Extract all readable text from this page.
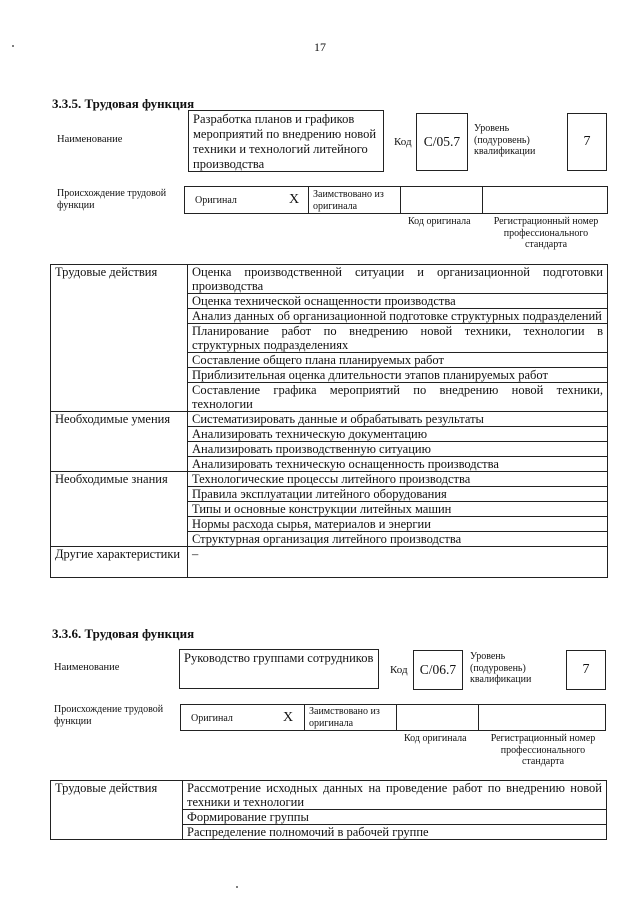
17
3.3.5. Трудовая функция
Наименование
Разработка планов и графиков мероприятий по внедрению новой техники и технологий литейного производства
Код C/05.7
Уровень (подуровень) квалификации
7
Происхождение трудовой функции	Оригинал	X Заимствовано из оригинала
Код оригинала	Регистрационный номер профессионального стандарта
Трудовые действия	Оценка производственной ситуации и организационной подготовки производства
	Оценка технической оснащенности производства
	Анализ данных об организационной подготовке структурных подразделений
	Планирование работ по внедрению новой техники, технологии в структурных подразделениях
	Составление общего плана планируемых работ
	Приблизительная оценка длительности этапов планируемых работ
	Составление графика мероприятий по внедрению новой техники, технологии
Необходимые умения	Систематизировать данные и обрабатывать результаты
	Анализировать техническую документацию
	Анализировать производственную ситуацию
	Анализировать техническую оснащенность производства
Необходимые знания	Технологические процессы литейного производства
	Правила эксплуатации литейного оборудования
	Типы и основные конструкции литейных машин
	Нормы расхода сырья, материалов и энергии
	Структурная организация литейного производства
Другие характеристики	–
3.3.6. Трудовая функция
Наименование
Руководство группами сотрудников
Код C/06.7
Уровень (подуровень) квалификации
7
Происхождение трудовой функции	Оригинал	X Заимствовано из оригинала
Код оригинала	Регистрационный номер профессионального стандарта
Трудовые действия	Рассмотрение исходных данных на проведение работ по внедрению новой техники и технологии
Формирование группы
Распределение полномочий в рабочей группе
